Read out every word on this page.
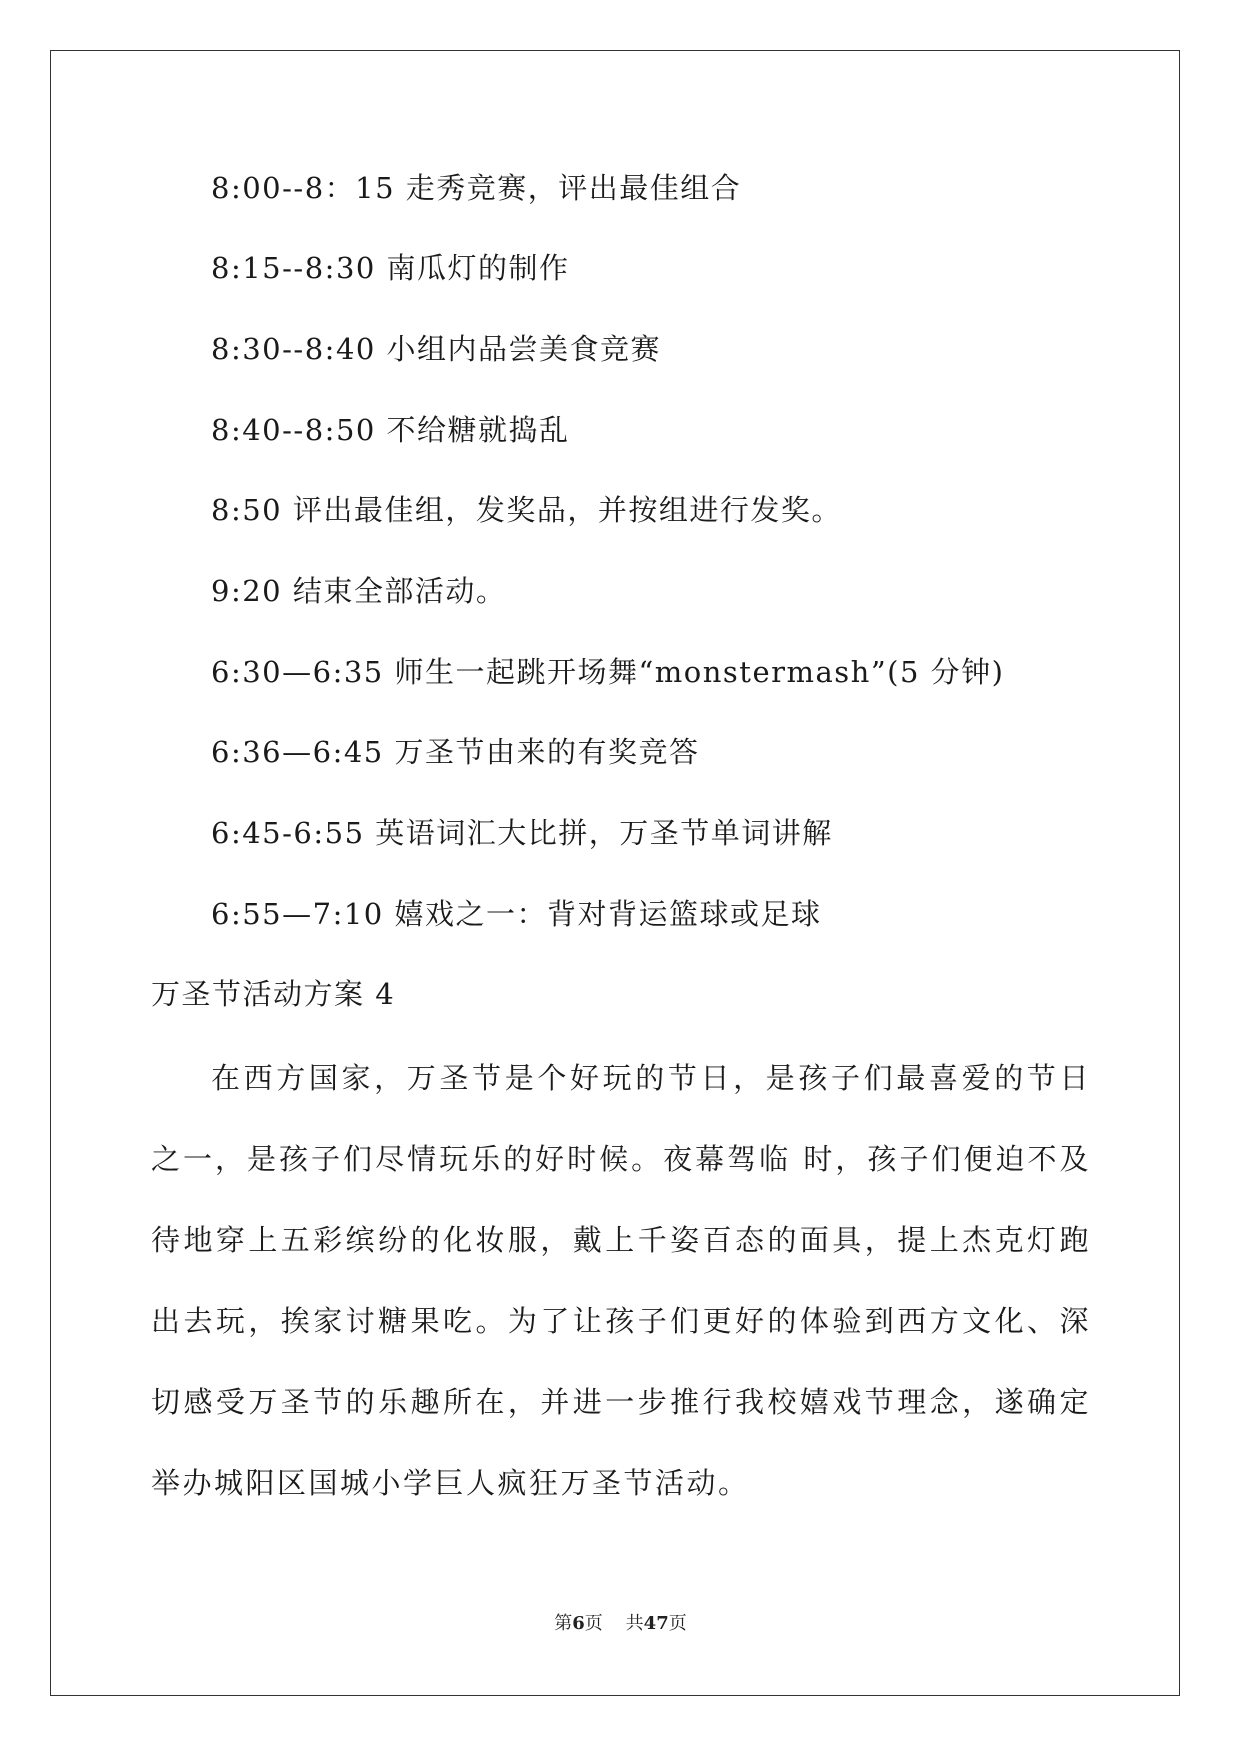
8:00--8：15 走秀竞赛，评出最佳组合
8:15--8:30 南瓜灯的制作
8:30--8:40 小组内品尝美食竞赛
8:40--8:50 不给糖就捣乱
8:50 评出最佳组，发奖品，并按组进行发奖。
9:20 结束全部活动。
6:30—6:35 师生一起跳开场舞“monstermash”(5 分钟)
6:36—6:45 万圣节由来的有奖竞答
6:45-6:55 英语词汇大比拼，万圣节单词讲解
6:55—7:10 嬉戏之一：背对背运篮球或足球
万圣节活动方案 4
在西方国家，万圣节是个好玩的节日，是孩子们最喜爱的节日之一，是孩子们尽情玩乐的好时候。夜幕驾临 时，孩子们便迫不及待地穿上五彩缤纷的化妆服，戴上千姿百态的面具，提上杰克灯跑出去玩，挨家讨糖果吃。为了让孩子们更好的体验到西方文化、深切感受万圣节的乐趣所在，并进一步推行我校嬉戏节理念，遂确定举办城阳区国城小学巨人疯狂万圣节活动。
第6页 共47页
